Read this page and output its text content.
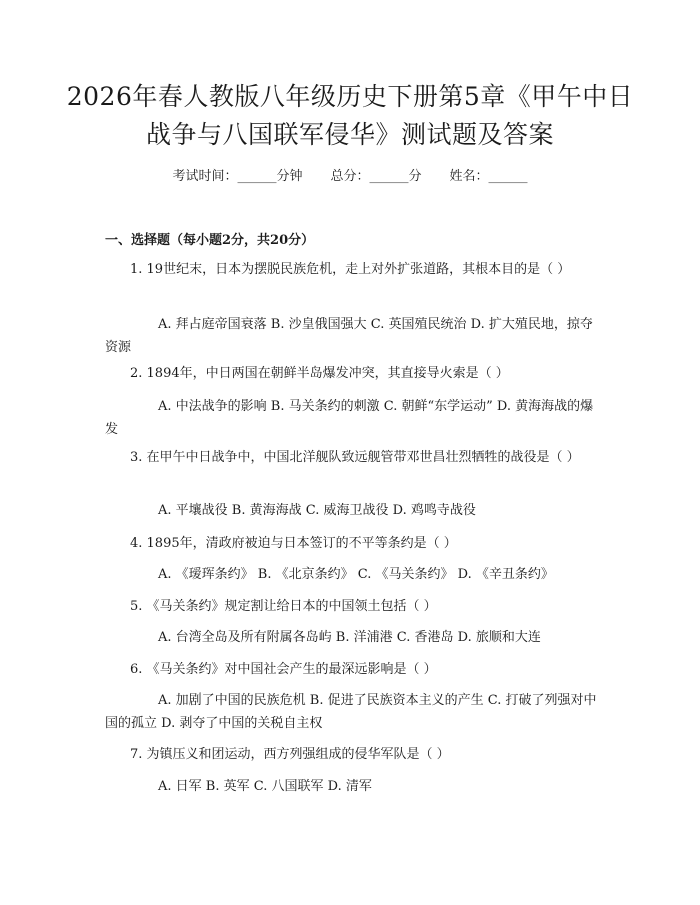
2026年春人教版八年级历史下册第5章《甲午中日战争与八国联军侵华》测试题及答案
考试时间：______分钟 总分：______分 姓名：______
一、选择题（每小题2分，共20分）
1. 19世纪末，日本为摆脱民族危机，走上对外扩张道路，其根本目的是（ ）
A. 拜占庭帝国衰落 B. 沙皇俄国强大 C. 英国殖民统治 D. 扩大殖民地，掠夺资源
2. 1894年，中日两国在朝鲜半岛爆发冲突，其直接导火索是（ ）
A. 中法战争的影响 B. 马关条约的刺激 C. 朝鲜“东学运动” D. 黄海海战的爆发
3. 在甲午中日战争中，中国北洋舰队致远舰管带邓世昌壮烈牺牲的战役是（ ）
A. 平壤战役 B. 黄海海战 C. 威海卫战役 D. 鸡鸣寺战役
4. 1895年，清政府被迫与日本签订的不平等条约是（ ）
A. 《瑷珲条约》 B. 《北京条约》 C. 《马关条约》 D. 《辛丑条约》
5. 《马关条约》规定割让给日本的中国领土包括（ ）
A. 台湾全岛及所有附属各岛屿 B. 洋浦港 C. 香港岛 D. 旅顺和大连
6. 《马关条约》对中国社会产生的最深远影响是（ ）
A. 加剧了中国的民族危机 B. 促进了民族资本主义的产生 C. 打破了列强对中国的孤立 D. 剥夺了中国的关税自主权
7. 为镇压义和团运动，西方列强组成的侵华军队是（ ）
A. 日军 B. 英军 C. 八国联军 D. 清军
